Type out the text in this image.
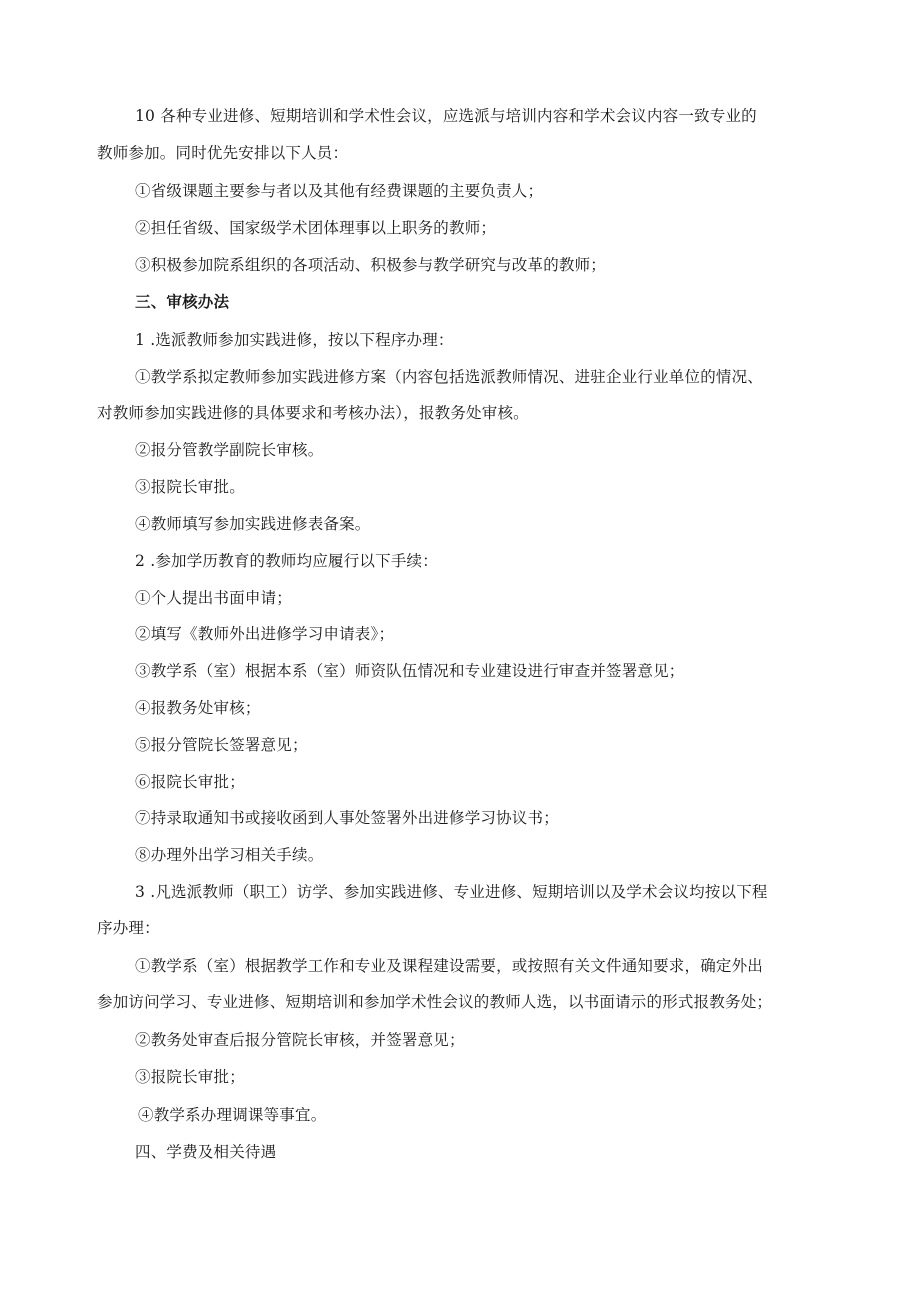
10 各种专业进修、短期培训和学术性会议，应选派与培训内容和学术会议内容一致专业的
教师参加。同时优先安排以下人员：
①省级课题主要参与者以及其他有经费课题的主要负责人；
②担任省级、国家级学术团体理事以上职务的教师；
③积极参加院系组织的各项活动、积极参与教学研究与改革的教师；
三、审核办法
1 .选派教师参加实践进修，按以下程序办理：
①教学系拟定教师参加实践进修方案（内容包括选派教师情况、进驻企业行业单位的情况、
对教师参加实践进修的具体要求和考核办法），报教务处审核。
②报分管教学副院长审核。
③报院长审批。
④教师填写参加实践进修表备案。
2 .参加学历教育的教师均应履行以下手续：
①个人提出书面申请；
②填写《教师外出进修学习申请表》；
③教学系（室）根据本系（室）师资队伍情况和专业建设进行审查并签署意见；
④报教务处审核；
⑤报分管院长签署意见；
⑥报院长审批；
⑦持录取通知书或接收函到人事处签署外出进修学习协议书；
⑧办理外出学习相关手续。
3 .凡选派教师（职工）访学、参加实践进修、专业进修、短期培训以及学术会议均按以下程
序办理：
①教学系（室）根据教学工作和专业及课程建设需要，或按照有关文件通知要求，确定外出
参加访问学习、专业进修、短期培训和参加学术性会议的教师人选，以书面请示的形式报教务处；
②教务处审查后报分管院长审核，并签署意见；
③报院长审批；
④教学系办理调课等事宜。
四、学费及相关待遇
